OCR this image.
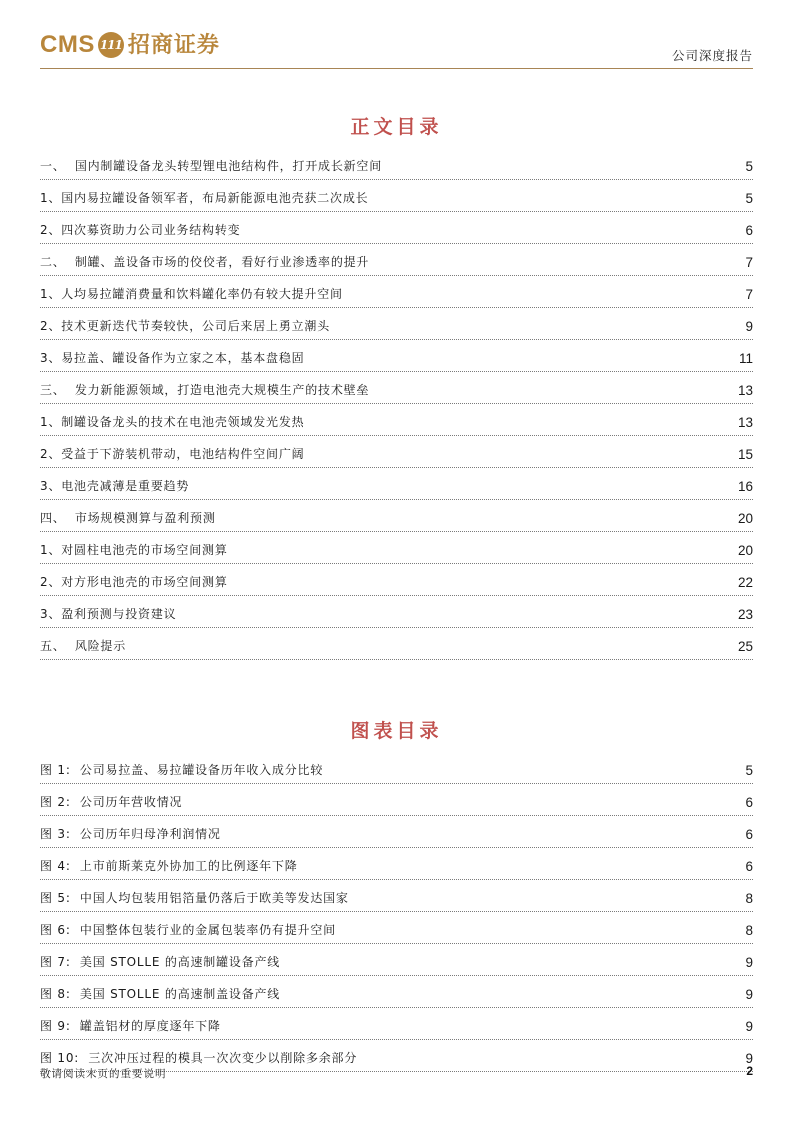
CMS 111 招商证券	公司深度报告
正文目录
一、  国内制罐设备龙头转型锂电池结构件，打开成长新空间	5
1、国内易拉罐设备领军者，布局新能源电池壳获二次成长	5
2、四次募资助力公司业务结构转变	6
二、  制罐、盖设备市场的佼佼者，看好行业渗透率的提升	7
1、人均易拉罐消费量和饮料罐化率仍有较大提升空间	7
2、技术更新迭代节奏较快，公司后来居上勇立潮头	9
3、易拉盖、罐设备作为立家之本，基本盘稳固	11
三、  发力新能源领域，打造电池壳大规模生产的技术壁垒	13
1、制罐设备龙头的技术在电池壳领域发光发热	13
2、受益于下游装机带动，电池结构件空间广阔	15
3、电池壳减薄是重要趋势	16
四、  市场规模测算与盈利预测	20
1、对圆柱电池壳的市场空间测算	20
2、对方形电池壳的市场空间测算	22
3、盈利预测与投资建议	23
五、  风险提示	25
图表目录
图 1:  公司易拉盖、易拉罐设备历年收入成分比较	5
图 2:  公司历年营收情况	6
图 3:  公司历年归母净利润情况	6
图 4:  上市前斯莱克外协加工的比例逐年下降	6
图 5:  中国人均包装用铝箔量仍落后于欧美等发达国家	8
图 6:  中国整体包装行业的金属包装率仍有提升空间	8
图 7:  美国 STOLLE 的高速制罐设备产线	9
图 8:  美国 STOLLE 的高速制盖设备产线	9
图 9:  罐盖铝材的厚度逐年下降	9
图 10:  三次冲压过程的模具一次次变少以削除多余部分	9
敬请阅读末页的重要说明	2
